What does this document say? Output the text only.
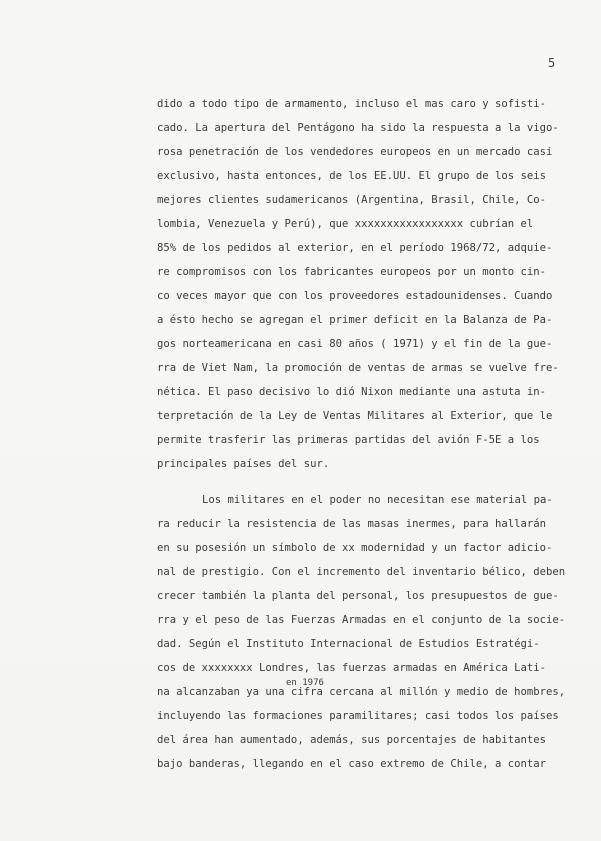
5
dido a todo tipo de armamento, incluso el mas caro y sofisti-
cado. La apertura del Pentágono ha sido la respuesta a la vigo-
rosa penetración de los vendedores europeos en un mercado casi
exclusivo, hasta entonces, de los EE.UU. El grupo de los seis
mejores clientes sudamericanos (Argentina, Brasil, Chile, Co-
lombia, Venezuela y Perú), que xxxxxxxxxxxxxxxxx cubrían el
85% de los pedidos al exterior, en el período 1968/72, adquie-
re compromisos con los fabricantes europeos por un monto cin-
co veces mayor que con los proveedores estadounidenses. Cuando
a ésto hecho se agregan el primer deficit en la Balanza de Pa-
gos norteamericana en casi 80 años ( 1971) y el fin de la gue-
rra de Viet Nam, la promoción de ventas de armas se vuelve fre-
nética. El paso decisivo lo dió Nixon mediante una astuta in-
terpretación de la Ley de Ventas Militares al Exterior, que le
permite trasferir las primeras partidas del avión F-5E a los
principales países del sur.
Los militares en el poder no necesitan ese material pa-
ra reducir la resistencia de las masas inermes, para hallarán
en su posesión un símbolo de xx modernidad y un factor adicio-
nal de prestigio. Con el incremento del inventario bélico, deben
crecer también la planta del personal, los presupuestos de gue-
rra y el peso de las Fuerzas Armadas en el conjunto de la socie-
dad. Según el Instituto Internacional de Estudios Estratégi-
cos de xxxxxxxx Londres, las fuerzas armadas en América Lati-
en 1976
na alcanzaban ya una cifra cercana al millón y medio de hombres,
incluyendo las formaciones paramilitares; casi todos los países
del área han aumentado, además, sus porcentajes de habitantes
bajo banderas, llegando en el caso extremo de Chile, a contar
